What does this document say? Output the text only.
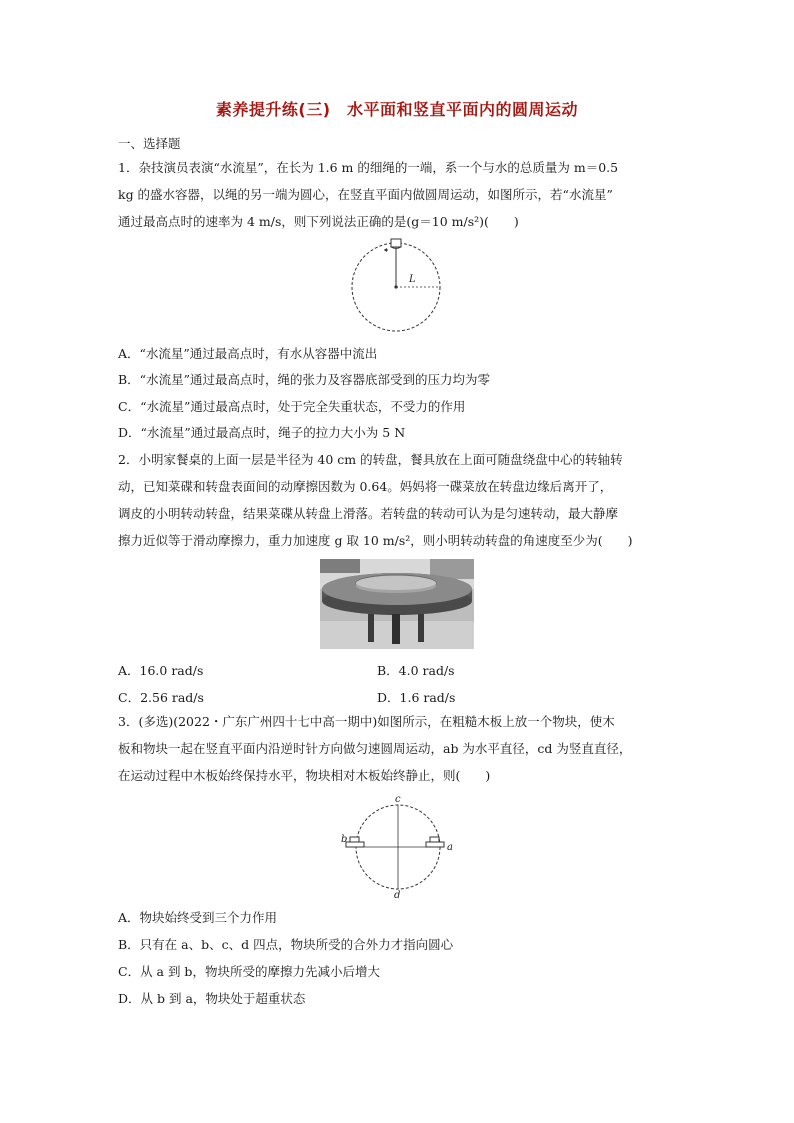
素养提升练(三)　水平面和竖直平面内的圆周运动
一、选择题
1．杂技演员表演“水流星”，在长为 1.6 m 的细绳的一端，系一个与水的总质量为 m＝0.5
kg 的盛水容器，以绳的另一端为圆心，在竖直平面内做圆周运动，如图所示，若“水流星”
通过最高点时的速率为 4 m/s，则下列说法正确的是(g＝10 m/s²)(　　)
L
A．“水流星”通过最高点时，有水从容器中流出
B．“水流星”通过最高点时，绳的张力及容器底部受到的压力均为零
C．“水流星”通过最高点时，处于完全失重状态，不受力的作用
D．“水流星”通过最高点时，绳子的拉力大小为 5 N
2．小明家餐桌的上面一层是半径为 40 cm 的转盘，餐具放在上面可随盘绕盘中心的转轴转
动，已知菜碟和转盘表面间的动摩擦因数为 0.64。妈妈将一碟菜放在转盘边缘后离开了，
调皮的小明转动转盘，结果菜碟从转盘上滑落。若转盘的转动可认为是匀速转动，最大静摩
擦力近似等于滑动摩擦力，重力加速度 g 取 10 m/s²，则小明转动转盘的角速度至少为(　　)
A．16.0 rad/s	B．4.0 rad/s
C．2.56 rad/s	D．1.6 rad/s
3．(多选)(2022・广东广州四十七中高一期中)如图所示，在粗糙木板上放一个物块，使木
板和物块一起在竖直平面内沿逆时针方向做匀速圆周运动，ab 为水平直径，cd 为竖直直径，
在运动过程中木板始终保持水平，物块相对木板始终静止，则(　　)
c
d
b
a
A．物块始终受到三个力作用
B．只有在 a、b、c、d 四点，物块所受的合外力才指向圆心
C．从 a 到 b，物块所受的摩擦力先减小后增大
D．从 b 到 a，物块处于超重状态
